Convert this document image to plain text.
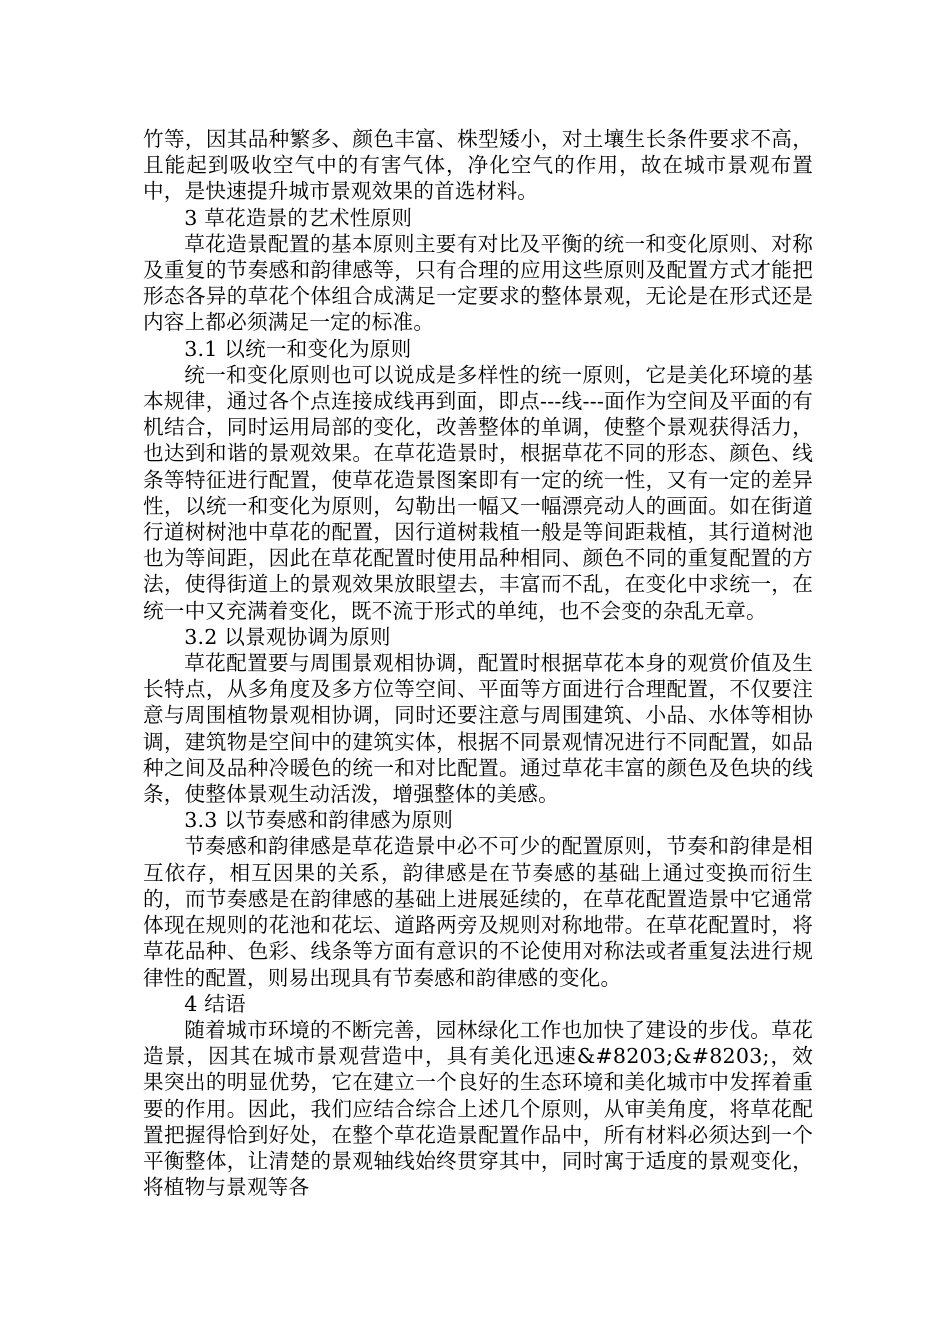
竹等，因其品种繁多、颜色丰富、株型矮小，对土壤生长条件要求不高，且能起到吸收空气中的有害气体，净化空气的作用，故在城市景观布置中，是快速提升城市景观效果的首选材料。

3 草花造景的艺术性原则

草花造景配置的基本原则主要有对比及平衡的统一和变化原则、对称及重复的节奏感和韵律感等，只有合理的应用这些原则及配置方式才能把形态各异的草花个体组合成满足一定要求的整体景观，无论是在形式还是内容上都必须满足一定的标准。

3.1 以统一和变化为原则

统一和变化原则也可以说成是多样性的统一原则，它是美化环境的基本规律，通过各个点连接成线再到面，即点---线---面作为空间及平面的有机结合，同时运用局部的变化，改善整体的单调，使整个景观获得活力，也达到和谐的景观效果。在草花造景时，根据草花不同的形态、颜色、线条等特征进行配置，使草花造景图案即有一定的统一性，又有一定的差异性，以统一和变化为原则，勾勒出一幅又一幅漂亮动人的画面。如在街道行道树树池中草花的配置，因行道树栽植一般是等间距栽植，其行道树池也为等间距，因此在草花配置时使用品种相同、颜色不同的重复配置的方法，使得街道上的景观效果放眼望去，丰富而不乱，在变化中求统一，在统一中又充满着变化，既不流于形式的单纯，也不会变的杂乱无章。

3.2 以景观协调为原则

草花配置要与周围景观相协调，配置时根据草花本身的观赏价值及生长特点，从多角度及多方位等空间、平面等方面进行合理配置，不仅要注意与周围植物景观相协调，同时还要注意与周围建筑、小品、水体等相协调，建筑物是空间中的建筑实体，根据不同景观情况进行不同配置，如品种之间及品种冷暖色的统一和对比配置。通过草花丰富的颜色及色块的线条，使整体景观生动活泼，增强整体的美感。

3.3 以节奏感和韵律感为原则

节奏感和韵律感是草花造景中必不可少的配置原则，节奏和韵律是相互依存，相互因果的关系，韵律感是在节奏感的基础上通过变换而衍生的，而节奏感是在韵律感的基础上进展延续的，在草花配置造景中它通常体现在规则的花池和花坛、道路两旁及规则对称地带。在草花配置时，将草花品种、色彩、线条等方面有意识的不论使用对称法或者重复法进行规律性的配置，则易出现具有节奏感和韵律感的变化。

4 结语

随着城市环境的不断完善，园林绿化工作也加快了建设的步伐。草花造景，因其在城市景观营造中，具有美化迅速&#8203;&#8203;，效果突出的明显优势，它在建立一个良好的生态环境和美化城市中发挥着重要的作用。因此，我们应结合综合上述几个原则，从审美角度，将草花配置把握得恰到好处，在整个草花造景配置作品中，所有材料必须达到一个平衡整体，让清楚的景观轴线始终贯穿其中，同时寓于适度的景观变化，将植物与景观等各
